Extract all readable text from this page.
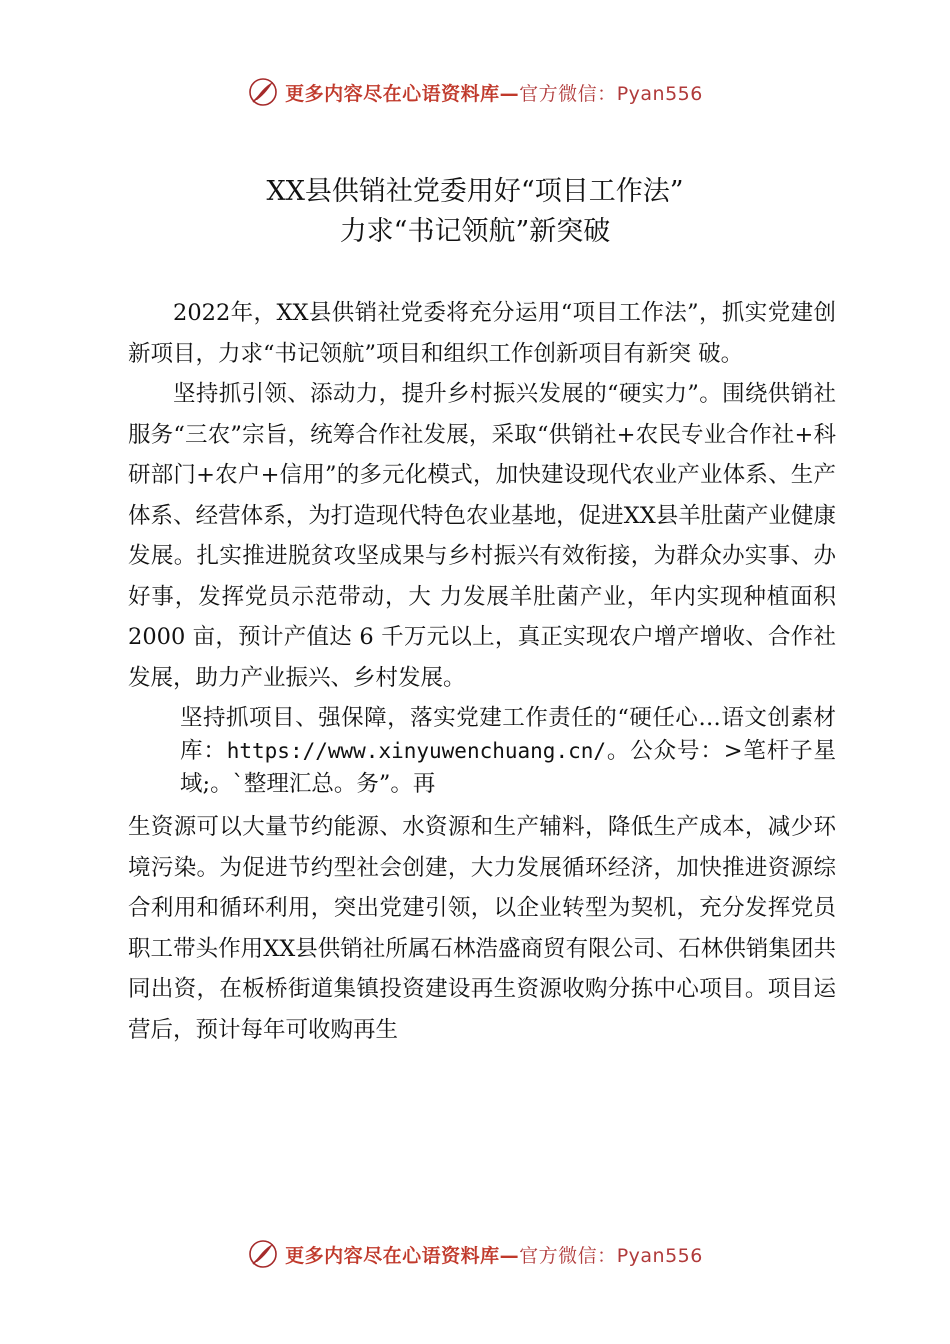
更多内容尽在心语资料库—官方微信：Pyan556
XX县供销社党委用好“项目工作法”
力求“书记领航”新突破

2022年，XX县供销社党委将充分运用“项目工作法”，抓实党建创新项目，力求“书记领航”项目和组织工作创新项目有新突 破。

坚持抓引领、添动力，提升乡村振兴发展的“硬实力”。围绕供销社服务“三农”宗旨，统筹合作社发展，采取“供销社+农民专业合作社+科研部门+农户+信用”的多元化模式，加快建设现代农业产业体系、生产体系、经营体系，为打造现代特色农业基地，促进XX县羊肚菌产业健康发展。扎实推进脱贫攻坚成果与乡村振兴有效衔接，为群众办实事、办好事，发挥党员示范带动，大 力发展羊肚菌产业，年内实现种植面积 2000 亩，预计产值达 6 千万元以上，真正实现农户增产增收、合作社发展，助力产业振兴、乡村发展。

坚持抓项目、强保障，落实党建工作责任的“硬任心…语文创素材库：https://www.xinyuwenchuang.cn/。公众号：>笔杆子星域;。`整理汇总。务”。再

生资源可以大量节约能源、水资源和生产辅料，降低生产成本，减少环境污染。为促进节约型社会创建，大力发展循环经济，加快推进资源综合利用和循环利用，突出党建引领，以企业转型为契机，充分发挥党员职工带头作用XX县供销社所属石林浩盛商贸有限公司、石林供销集团共同出资，在板桥街道集镇投资建设再生资源收购分拣中心项目。项目运营后，预计每年可收购再生

更多内容尽在心语资料库—官方微信：Pyan556
